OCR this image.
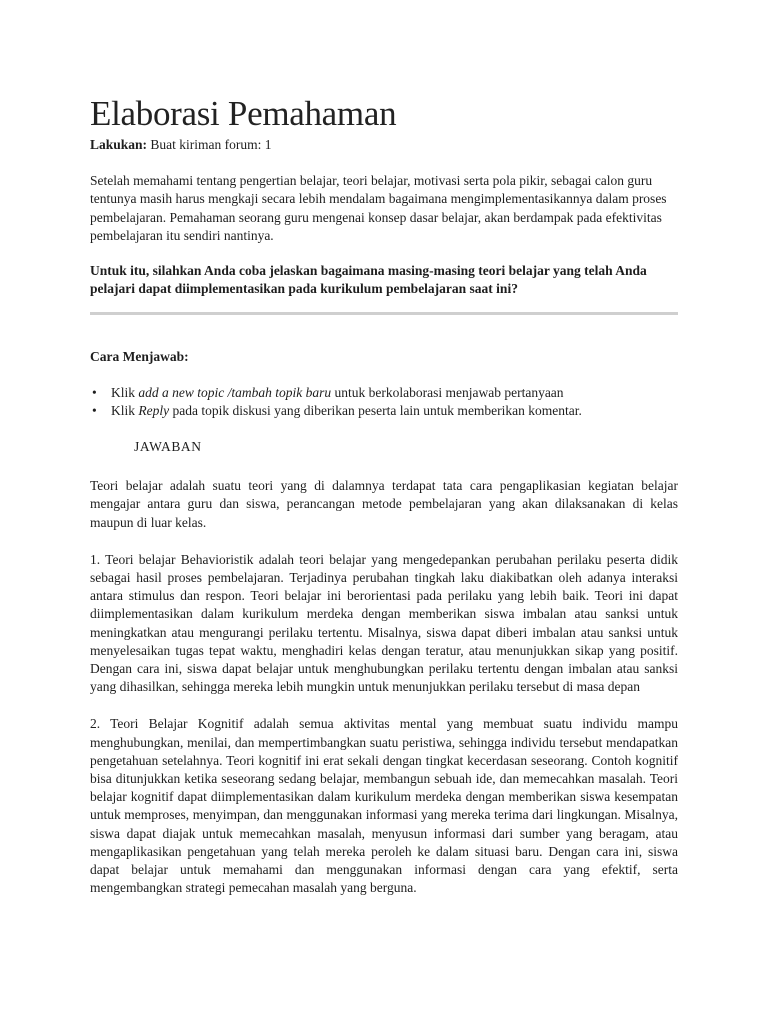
Elaborasi Pemahaman

Lakukan: Buat kiriman forum: 1

Setelah memahami tentang pengertian belajar, teori belajar, motivasi serta pola pikir, sebagai calon guru tentunya masih harus mengkaji secara lebih mendalam bagaimana mengimplementasikannya dalam proses pembelajaran. Pemahaman seorang guru mengenai konsep dasar belajar, akan berdampak pada efektivitas pembelajaran itu sendiri nantinya.

Untuk itu, silahkan Anda coba jelaskan bagaimana masing-masing teori belajar yang telah Anda pelajari dapat diimplementasikan pada kurikulum pembelajaran saat ini?

Cara Menjawab:

• Klik add a new topic /tambah topik baru untuk berkolaborasi menjawab pertanyaan
• Klik Reply pada topik diskusi yang diberikan peserta lain untuk memberikan komentar.

JAWABAN

Teori belajar adalah suatu teori yang di dalamnya terdapat tata cara pengaplikasian kegiatan belajar mengajar antara guru dan siswa, perancangan metode pembelajaran yang akan dilaksanakan di kelas maupun di luar kelas.

1. Teori belajar Behavioristik adalah teori belajar yang mengedepankan perubahan perilaku peserta didik sebagai hasil proses pembelajaran. Terjadinya perubahan tingkah laku diakibatkan oleh adanya interaksi antara stimulus dan respon. Teori belajar ini berorientasi pada perilaku yang lebih baik. Teori ini dapat diimplementasikan dalam kurikulum merdeka dengan memberikan siswa imbalan atau sanksi untuk meningkatkan atau mengurangi perilaku tertentu. Misalnya, siswa dapat diberi imbalan atau sanksi untuk menyelesaikan tugas tepat waktu, menghadiri kelas dengan teratur, atau menunjukkan sikap yang positif. Dengan cara ini, siswa dapat belajar untuk menghubungkan perilaku tertentu dengan imbalan atau sanksi yang dihasilkan, sehingga mereka lebih mungkin untuk menunjukkan perilaku tersebut di masa depan

2. Teori Belajar Kognitif adalah semua aktivitas mental yang membuat suatu individu mampu menghubungkan, menilai, dan mempertimbangkan suatu peristiwa, sehingga individu tersebut mendapatkan pengetahuan setelahnya. Teori kognitif ini erat sekali dengan tingkat kecerdasan seseorang. Contoh kognitif bisa ditunjukkan ketika seseorang sedang belajar, membangun sebuah ide, dan memecahkan masalah. Teori belajar kognitif dapat diimplementasikan dalam kurikulum merdeka dengan memberikan siswa kesempatan untuk memproses, menyimpan, dan menggunakan informasi yang mereka terima dari lingkungan. Misalnya, siswa dapat diajak untuk memecahkan masalah, menyusun informasi dari sumber yang beragam, atau mengaplikasikan pengetahuan yang telah mereka peroleh ke dalam situasi baru. Dengan cara ini, siswa dapat belajar untuk memahami dan menggunakan informasi dengan cara yang efektif, serta mengembangkan strategi pemecahan masalah yang berguna.
